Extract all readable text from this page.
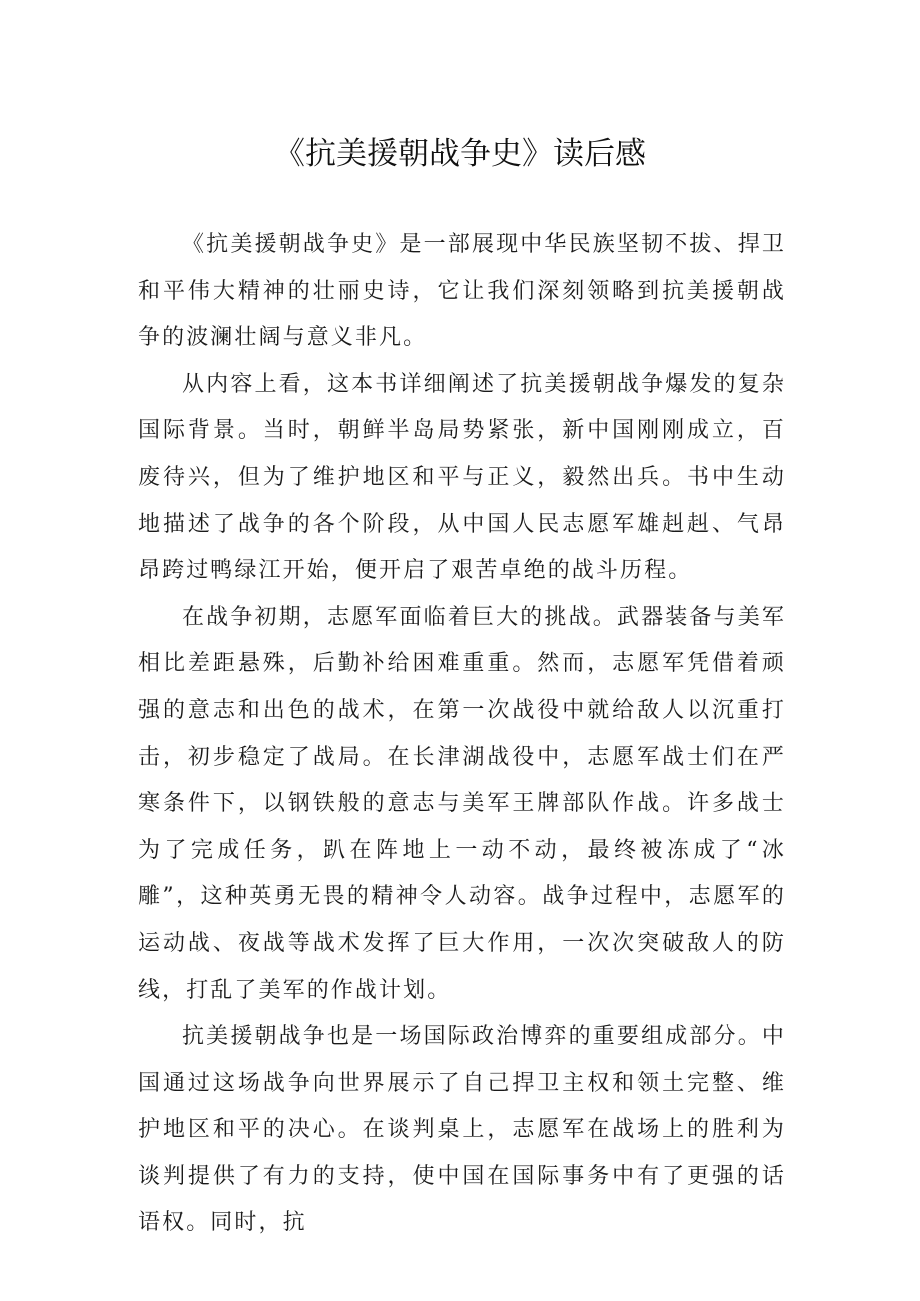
《抗美援朝战争史》读后感

《抗美援朝战争史》是一部展现中华民族坚韧不拔、捍卫和平伟大精神的壮丽史诗，它让我们深刻领略到抗美援朝战争的波澜壮阔与意义非凡。

从内容上看，这本书详细阐述了抗美援朝战争爆发的复杂国际背景。当时，朝鲜半岛局势紧张，新中国刚刚成立，百废待兴，但为了维护地区和平与正义，毅然出兵。书中生动地描述了战争的各个阶段，从中国人民志愿军雄赳赳、气昂昂跨过鸭绿江开始，便开启了艰苦卓绝的战斗历程。

在战争初期，志愿军面临着巨大的挑战。武器装备与美军相比差距悬殊，后勤补给困难重重。然而，志愿军凭借着顽强的意志和出色的战术，在第一次战役中就给敌人以沉重打击，初步稳定了战局。在长津湖战役中，志愿军战士们在严寒条件下，以钢铁般的意志与美军王牌部队作战。许多战士为了完成任务，趴在阵地上一动不动，最终被冻成了“冰雕”，这种英勇无畏的精神令人动容。战争过程中，志愿军的运动战、夜战等战术发挥了巨大作用，一次次突破敌人的防线，打乱了美军的作战计划。

抗美援朝战争也是一场国际政治博弈的重要组成部分。中国通过这场战争向世界展示了自己捍卫主权和领土完整、维护地区和平的决心。在谈判桌上，志愿军在战场上的胜利为谈判提供了有力的支持，使中国在国际事务中有了更强的话语权。同时，抗
